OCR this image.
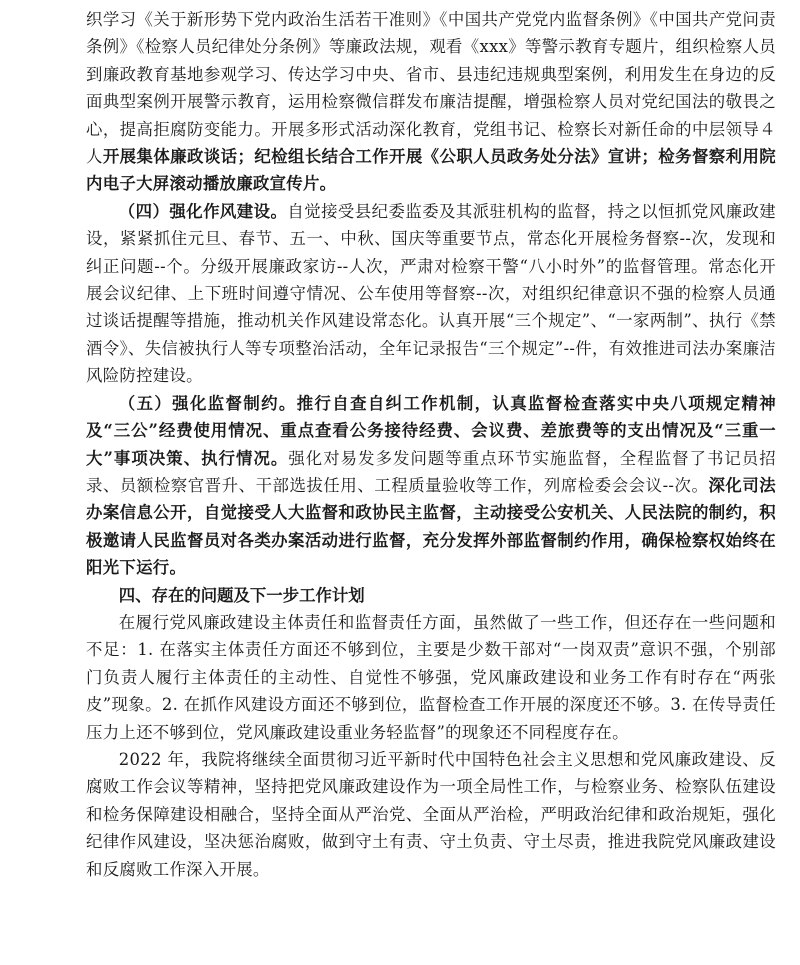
织学习《关于新形势下党内政治生活若干准则》《中国共产党党内监督条例》《中国共产党问责条例》《检察人员纪律处分条例》等廉政法规，观看《xxx》等警示教育专题片，组织检察人员到廉政教育基地参观学习、传达学习中央、省市、县违纪违规典型案例，利用发生在身边的反面典型案例开展警示教育，运用检察微信群发布廉洁提醒，增强检察人员对党纪国法的敬畏之心，提高拒腐防变能力。开展多形式活动深化教育，党组书记、检察长对新任命的中层领导４人开展集体廉政谈话；纪检组长结合工作开展《公职人员政务处分法》宣讲；检务督察利用院内电子大屏滚动播放廉政宣传片。

（四）强化作风建设。自觉接受县纪委监委及其派驻机构的监督，持之以恒抓党风廉政建设，紧紧抓住元旦、春节、五一、中秋、国庆等重要节点，常态化开展检务督察--次，发现和纠正问题--个。分级开展廉政家访--人次，严肃对检察干警“八小时外”的监督管理。常态化开展会议纪律、上下班时间遵守情况、公车使用等督察--次，对组织纪律意识不强的检察人员通过谈话提醒等措施，推动机关作风建设常态化。认真开展“三个规定”、“一家两制”、执行《禁酒令》、失信被执行人等专项整治活动，全年记录报告“三个规定”--件，有效推进司法办案廉洁风险防控建设。

（五）强化监督制约。推行自查自纠工作机制，认真监督检查落实中央八项规定精神及“三公”经费使用情况、重点查看公务接待经费、会议费、差旅费等的支出情况及“三重一大”事项决策、执行情况。强化对易发多发问题等重点环节实施监督，全程监督了书记员招录、员额检察官晋升、干部选拔任用、工程质量验收等工作，列席检委会会议--次。深化司法办案信息公开，自觉接受人大监督和政协民主监督，主动接受公安机关、人民法院的制约，积极邀请人民监督员对各类办案活动进行监督，充分发挥外部监督制约作用，确保检察权始终在阳光下运行。

四、存在的问题及下一步工作计划

在履行党风廉政建设主体责任和监督责任方面，虽然做了一些工作，但还存在一些问题和不足：1. 在落实主体责任方面还不够到位，主要是少数干部对“一岗双责”意识不强，个别部门负责人履行主体责任的主动性、自觉性不够强，党风廉政建设和业务工作有时存在“两张皮”现象。2. 在抓作风建设方面还不够到位，监督检查工作开展的深度还不够。3. 在传导责任压力上还不够到位，党风廉政建设重业务轻监督”的现象还不同程度存在。

2022 年，我院将继续全面贯彻习近平新时代中国特色社会主义思想和党风廉政建设、反腐败工作会议等精神，坚持把党风廉政建设作为一项全局性工作，与检察业务、检察队伍建设和检务保障建设相融合，坚持全面从严治党、全面从严治检，严明政治纪律和政治规矩，强化纪律作风建设，坚决惩治腐败，做到守土有责、守土负责、守土尽责，推进我院党风廉政建设和反腐败工作深入开展。
